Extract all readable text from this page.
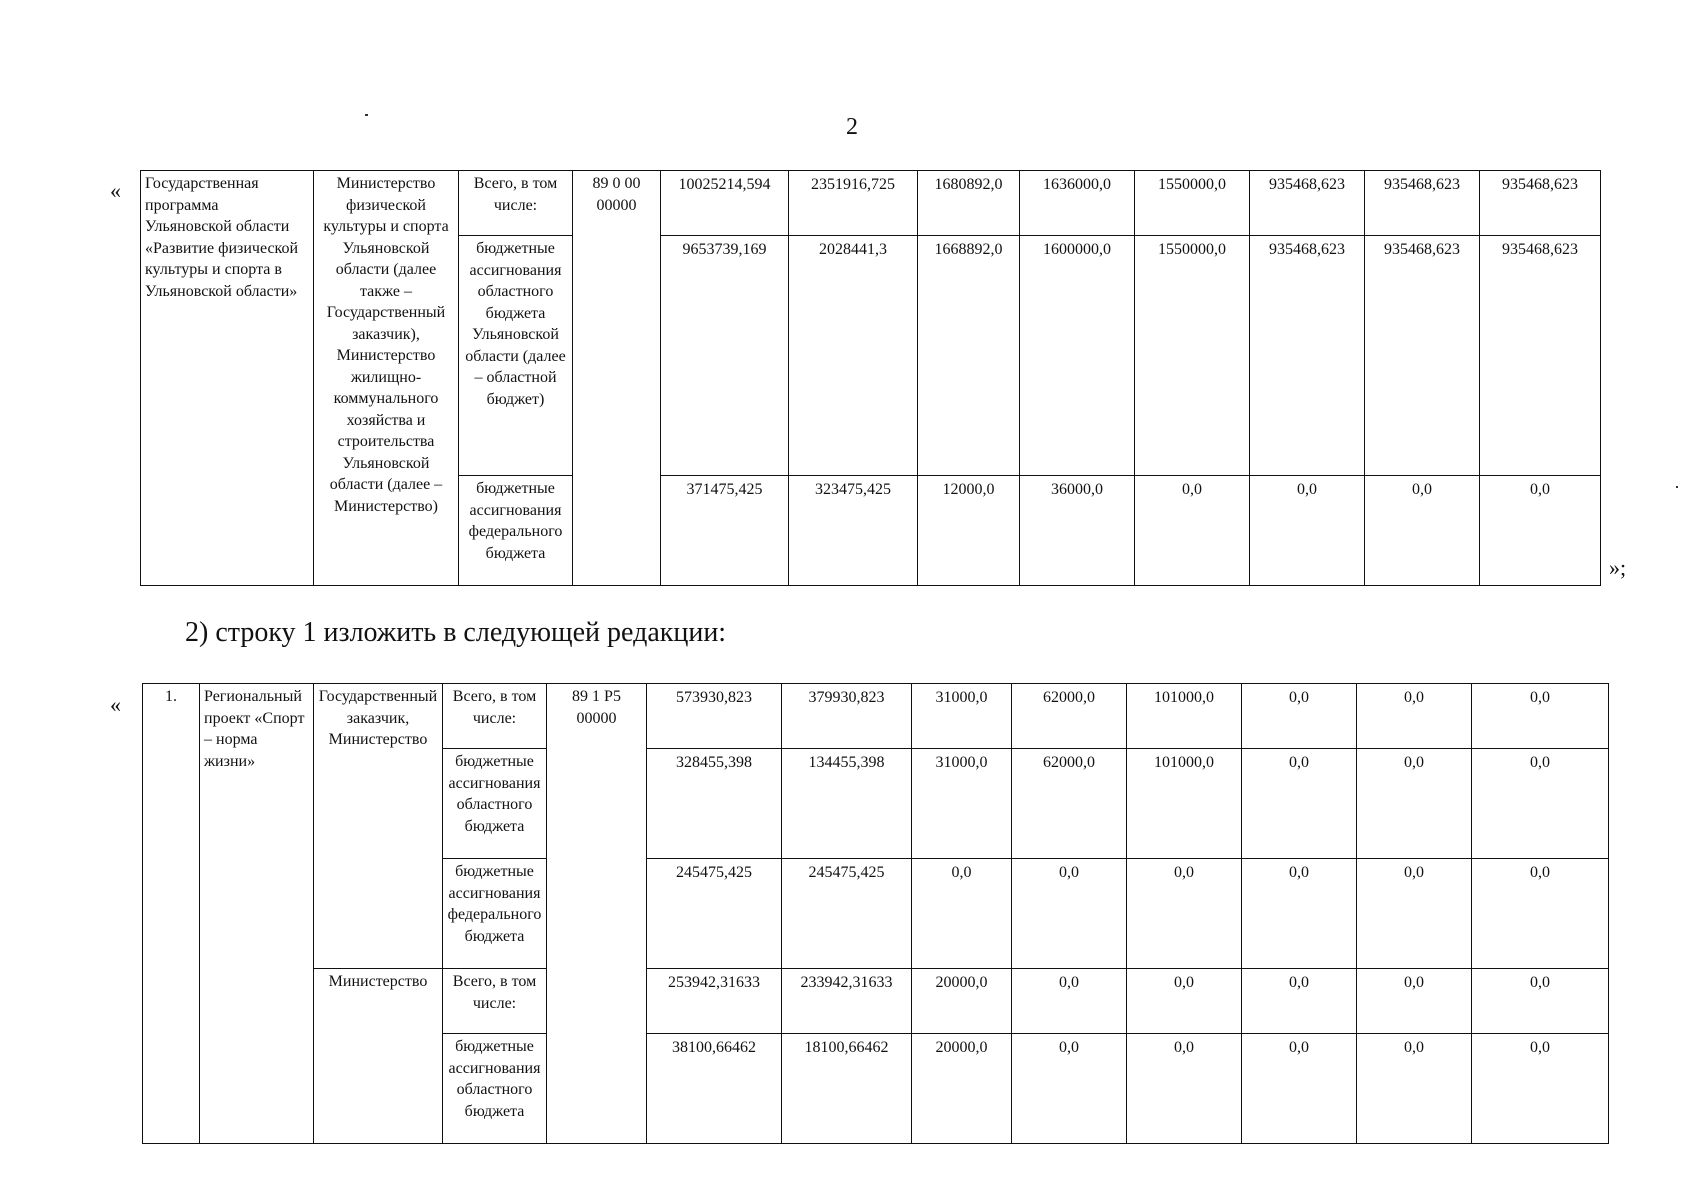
2
« Государственная программа Ульяновской области «Развитие физической культуры и спорта в Ульяновской области»	Министерство физической культуры и спорта Ульяновской области (далее также – Государственный заказчик), Министерство жилищно-коммунального хозяйства и строительства Ульяновской области (далее – Министерство)	Всего, в том числе:	89 0 00 00000	10025214,594	2351916,725	1680892,0	1636000,0	1550000,0	935468,623	935468,623	935468,623
		бюджетные ассигнования областного бюджета Ульяновской области (далее – областной бюджет)		9653739,169	2028441,3	1668892,0	1600000,0	1550000,0	935468,623	935468,623	935468,623
		бюджетные ассигнования федерального бюджета		371475,425	323475,425	12000,0	36000,0	0,0	0,0	0,0	0,0
»;
2) строку 1 изложить в следующей редакции:
«	1.	Региональный проект «Спорт – норма жизни»	Государственный заказчик, Министерство	Всего, в том числе:	89 1 P5 00000	573930,823	379930,823	31000,0	62000,0	101000,0	0,0	0,0	0,0
			бюджетные ассигнования областного бюджета		328455,398	134455,398	31000,0	62000,0	101000,0	0,0	0,0	0,0
			бюджетные ассигнования федерального бюджета		245475,425	245475,425	0,0	0,0	0,0	0,0	0,0	0,0
		Министерство	Всего, в том числе:		253942,31633	233942,31633	20000,0	0,0	0,0	0,0	0,0	0,0
			бюджетные ассигнования областного бюджета		38100,66462	18100,66462	20000,0	0,0	0,0	0,0	0,0	0,0
